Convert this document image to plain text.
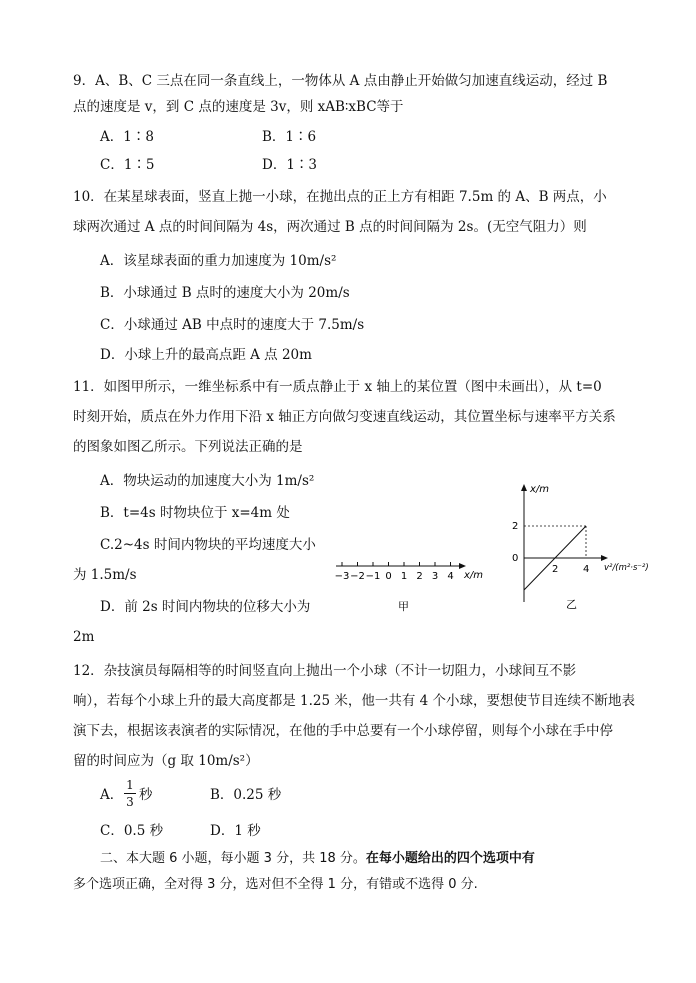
9．A、B、C 三点在同一条直线上，一物体从 A 点由静止开始做匀加速直线运动，经过 B
点的速度是 v，到 C 点的速度是 3v，则 xAB∶xBC等于
A．1∶8	B．1∶6
C．1∶5	D．1∶3
10．在某星球表面，竖直上抛一小球，在抛出点的正上方有相距 7.5m 的 A、B 两点，小
球两次通过 A 点的时间间隔为 4s，两次通过 B 点的时间间隔为 2s。(无空气阻力）则
A．该星球表面的重力加速度为 10m/s²
B．小球通过 B 点时的速度大小为 20m/s
C．小球通过 AB 中点时的速度大于 7.5m/s
D．小球上升的最高点距 A 点 20m
11．如图甲所示，一维坐标系中有一质点静止于 x 轴上的某位置（图中未画出），从 t=0
时刻开始，质点在外力作用下沿 x 轴正方向做匀变速直线运动，其位置坐标与速率平方关系
的图象如图乙所示。下列说法正确的是
A．物块运动的加速度大小为 1m/s²
B．t=4s 时物块位于 x=4m 处
C.2~4s 时间内物块的平均速度大小
为 1.5m/s
D．前 2s 时间内物块的位移大小为
2m
−3 −2 −1 0 1 2 3 4 x/m
甲
x/m
2
0
2 4 v²/(m²·s⁻²)
乙
12．杂技演员每隔相等的时间竖直向上抛出一个小球（不计一切阻力，小球间互不影
响），若每个小球上升的最大高度都是 1.25 米，他一共有 4 个小球，要想使节目连续不断地表
演下去，根据该表演者的实际情况，在他的手中总要有一个小球停留，则每个小球在手中停
留的时间应为（g 取 10m/s²）
A．
1
3 秒	B．0.25 秒
C．0.5 秒	D．1 秒
二、本大题 6 小题，每小题 3 分，共 18 分。在每小题给出的四个选项中有
多个选项正确，全对得 3 分，选对但不全得 1 分，有错或不选得 0 分.
